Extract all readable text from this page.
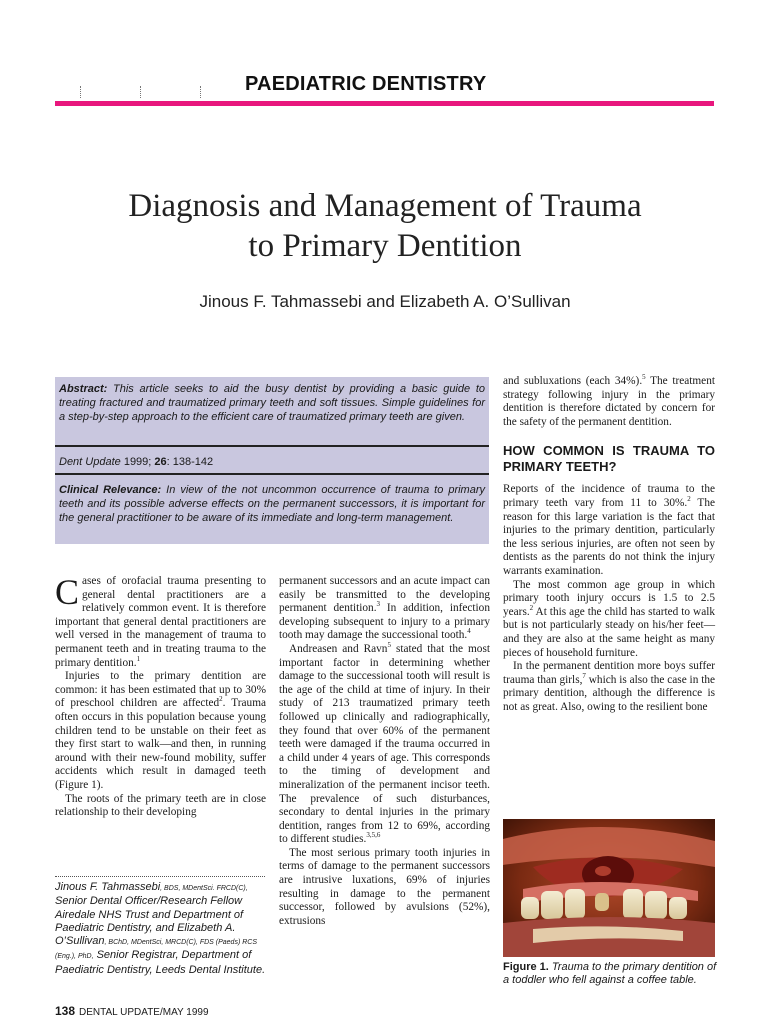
PAEDIATRIC DENTISTRY
Diagnosis and Management of Trauma
to Primary Dentition
Jinous F. Tahmassebi and Elizabeth A. O’Sullivan

Abstract: This article seeks to aid the busy dentist by providing a basic guide to treating fractured and traumatized primary teeth and soft tissues. Simple guidelines for a step-by-step approach to the efficient care of traumatized primary teeth are given.

Dent Update 1999; 26: 138-142

Clinical Relevance: In view of the not uncommon occurrence of trauma to primary teeth and its possible adverse effects on the permanent successors, it is important for the general practitioner to be aware of its immediate and long-term management.

Cases of orofacial trauma presenting to general dental practitioners are a relatively common event. It is therefore important that general dental practitioners are well versed in the management of trauma to permanent teeth and in treating trauma to the primary dentition.$^1$

Injuries to the primary dentition are common: it has been estimated that up to 30% of preschool children are affected$^2$. Trauma often occurs in this population because young children tend to be unstable on their feet as they first start to walk—and then, in running around with their new-found mobility, suffer accidents which result in damaged teeth (Figure 1).

The roots of the primary teeth are in close relationship to their developing

permanent successors and an acute impact can easily be transmitted to the developing permanent dentition.$^3$ In addition, infection developing subsequent to injury to a primary tooth may damage the successional tooth.$^4$

Andreasen and Ravn$^5$ stated that the most important factor in determining whether damage to the successional tooth will result is the age of the child at time of injury. In their study of 213 traumatized primary teeth followed up clinically and radiographically, they found that over 60% of the permanent teeth were damaged if the trauma occurred in a child under 4 years of age. This corresponds to the timing of development and mineralization of the permanent incisor teeth. The prevalence of such disturbances, secondary to dental injuries in the primary dentition, ranges from 12 to 69%, according to different studies.$^{3,5,6}$

The most serious primary tooth injuries in terms of damage to the permanent successors are intrusive luxations, 69% of injuries resulting in damage to the permanent successor, followed by avulsions (52%), extrusions

and subluxations (each 34%).$^5$ The treatment strategy following injury in the primary dentition is therefore dictated by concern for the safety of the permanent dentition.

HOW COMMON IS TRAUMA TO PRIMARY TEETH?

Reports of the incidence of trauma to the primary teeth vary from 11 to 30%.$^2$ The reason for this large variation is the fact that injuries to the primary dentition, particularly the less serious injuries, are often not seen by dentists as the parents do not think the injury warrants examination.

The most common age group in which primary tooth injury occurs is 1.5 to 2.5 years.$^2$ At this age the child has started to walk but is not particularly steady on his/her feet—and they are also at the same height as many pieces of household furniture.

In the permanent dentition more boys suffer trauma than girls,$^7$ which is also the case in the primary dentition, although the difference is not as great. Also, owing to the resilient bone

Jinous F. Tahmassebi, BDS, MDentSci. FRCD(C), Senior Dental Officer/Research Fellow Airedale NHS Trust and Department of Paediatric Dentistry, and Elizabeth A. O’Sullivan, BChD, MDentSci, MRCD(C), FDS (Paeds) RCS (Eng.), PhD, Senior Registrar, Department of Paediatric Dentistry, Leeds Dental Institute.	Figure 1. Trauma to the primary dentition of a toddler who fell against a coffee table.
138 DENTAL UPDATE/MAY 1999
